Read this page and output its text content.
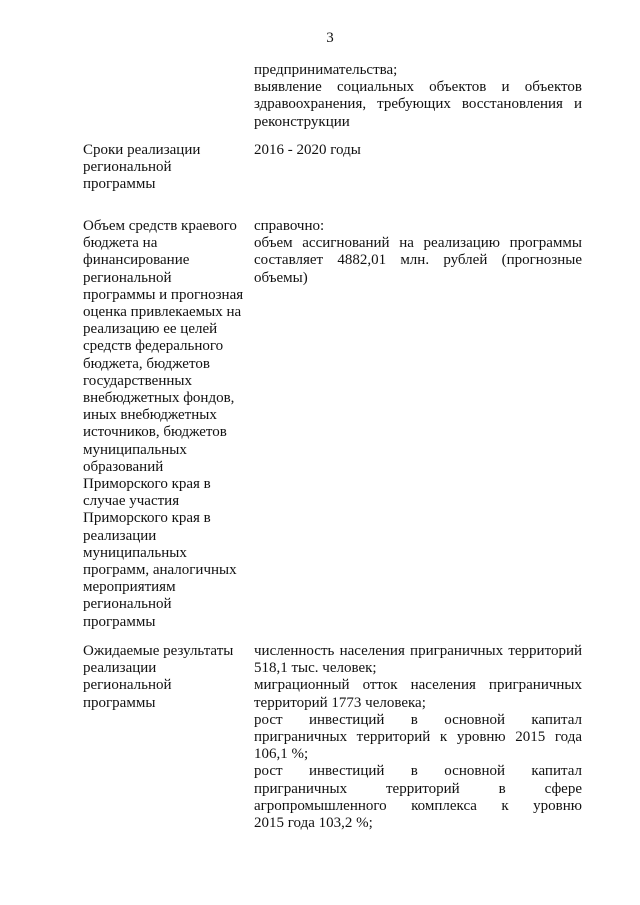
3
предпринимательства;
выявление социальных объектов и объектов
здравоохранения, требующих восстановления и
реконструкции
Сроки реализации
региональной
программы
2016 - 2020 годы
Объем средств краевого
бюджета на
финансирование
региональной
программы и прогнозная
оценка привлекаемых на
реализацию ее целей
средств федерального
бюджета, бюджетов
государственных
внебюджетных фондов,
иных внебюджетных
источников, бюджетов
муниципальных
образований
Приморского края в
случае участия
Приморского края в
реализации
муниципальных
программ, аналогичных
мероприятиям
региональной
программы
справочно:
объем ассигнований на реализацию программы
составляет 4882,01 млн. рублей (прогнозные
объемы)
Ожидаемые результаты
реализации
региональной
программы
численность населения приграничных территорий
518,1 тыс. человек;
миграционный отток населения приграничных
территорий 1773 человека;
рост инвестиций в основной капитал
приграничных территорий к уровню 2015 года
106,1 %;
рост инвестиций в основной капитал
приграничных территорий в сфере
агропромышленного комплекса к уровню
2015 года 103,2 %;
